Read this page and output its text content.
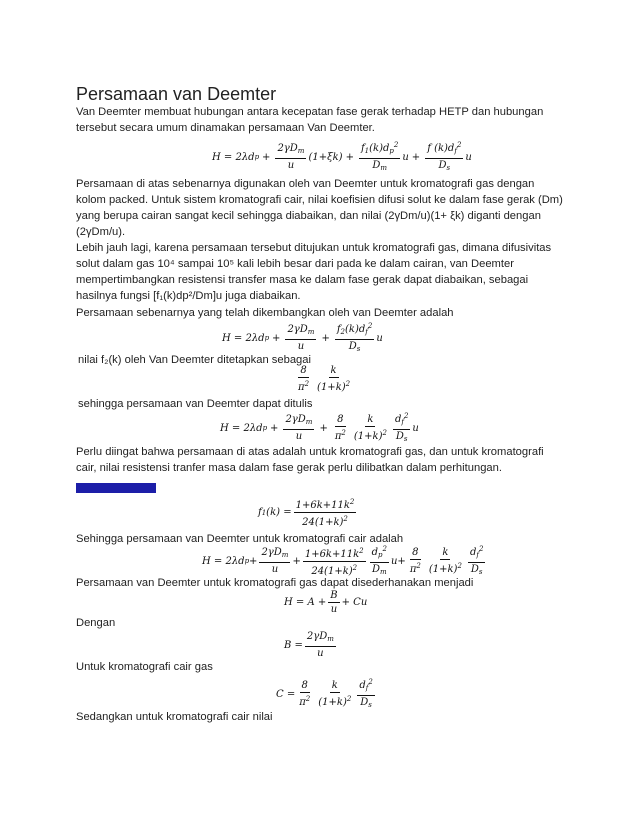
Persamaan van Deemter
Van Deemter membuat hubungan antara kecepatan fase gerak terhadap HETP dan hubungan tersebut secara umum dinamakan persamaan Van Deemter.
H = 2λd $p + \frac{2\gamma D_m}{u} (1+\xi k) + \frac{f_1(k)d_p^2}{D_m}$ $u + \frac{f (k)d_f^2}{D_s}$ u
Persamaan di atas sebenarnya digunakan oleh van Deemter untuk kromatografi gas dengan kolom packed. Untuk sistem kromatografi cair, nilai koefisien difusi solut ke dalam fase gerak (Dm) yang berupa cairan sangat kecil sehingga diabaikan, dan nilai (2γDm/u)(1+ ξk) diganti dengan (2γDm/u).
Lebih jauh lagi, karena persamaan tersebut ditujukan untuk kromatografi gas, dimana difusivitas solut dalam gas 10⁴ sampai 10⁵ kali lebih besar dari pada ke dalam cairan, van Deemter mempertimbangkan resistensi transfer masa ke dalam fase gerak dapat diabaikan, sebagai hasilnya fungsi [f₁(k)dp²/Dm]u juga diabaikan.
Persamaan sebenarnya yang telah dikembangkan oleh van Deemter adalah
H = 2λd $p + \frac{2\gamma D_m}{u} + \frac{f_2(k)d_f^2}{D_s}$ u
nilai f₂(k) oleh Van Deemter ditetapkan sebagai
$\frac{8}{\pi^2} \frac{k}{(1+k)^2}$
sehingga persamaan van Deemter dapat ditulis
H = 2λd $p + \frac{2\gamma D_m}{u} + \frac{8}{\pi^2} \frac{k}{(1+k)^2} \frac{d_f^2}{D_s}$ u
Perlu diingat bahwa persamaan di atas adalah untuk kromatografi gas, dan untuk kromatografi cair, nilai resistensi tranfer masa dalam fase gerak perlu dilibatkan dalam perhitungan.
f 1 $(k) = \frac{1+6k+11k^2}{24(1+k)^2}$
Sehingga persamaan van Deemter untuk kromatografi cair adalah
H = 2λd $p + \frac{2\gamma D_m}{u} + \frac{1+6k+11k^2}{24(1+k)^2} \frac{d_p^2}{D_m} u+ \frac{8}{\pi^2} \frac{k}{(1+k)^2} \frac{d_f^2}{D_s}$
Persamaan van Deemter untuk kromatografi gas dapat disederhanakan menjadi
$H = A + \frac{B}{u} + Cu$
Dengan
$B = \frac{2\gamma D_m}{u}$
Untuk kromatografi cair gas
$C = \frac{8}{\pi^2} \frac{k}{(1+k)^2} \frac{d_f^2}{D_s}$
Sedangkan untuk kromatografi cair nilai
